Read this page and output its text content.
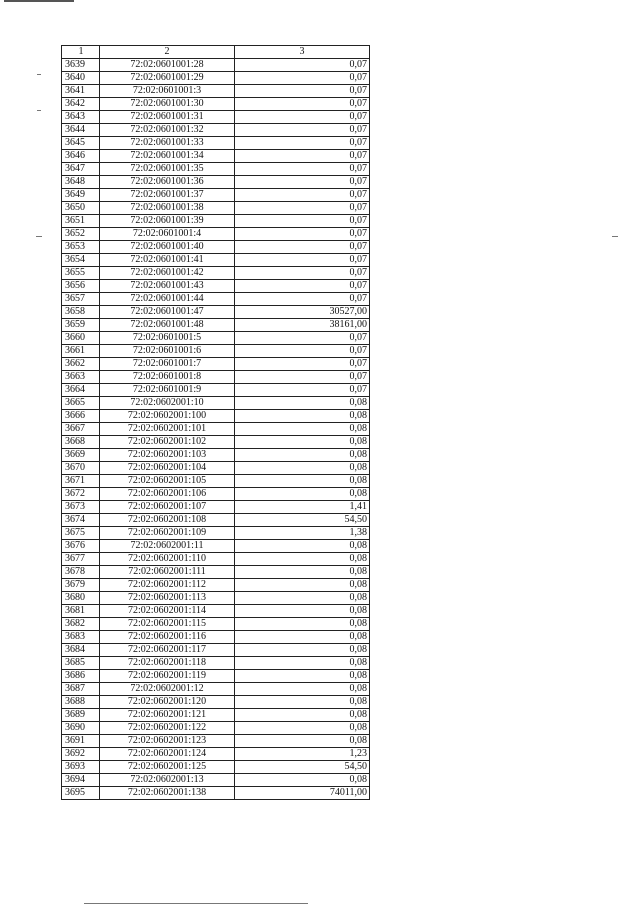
1	2	3
3639	72:02:0601001:28	0,07
3640	72:02:0601001:29	0,07
3641	72:02:0601001:3	0,07
3642	72:02:0601001:30	0,07
3643	72:02:0601001:31	0,07
3644	72:02:0601001:32	0,07
3645	72:02:0601001:33	0,07
3646	72:02:0601001:34	0,07
3647	72:02:0601001:35	0,07
3648	72:02:0601001:36	0,07
3649	72:02:0601001:37	0,07
3650	72:02:0601001:38	0,07
3651	72:02:0601001:39	0,07
3652	72:02:0601001:4	0,07
3653	72:02:0601001:40	0,07
3654	72:02:0601001:41	0,07
3655	72:02:0601001:42	0,07
3656	72:02:0601001:43	0,07
3657	72:02:0601001:44	0,07
3658	72:02:0601001:47	30527,00
3659	72:02:0601001:48	38161,00
3660	72:02:0601001:5	0,07
3661	72:02:0601001:6	0,07
3662	72:02:0601001:7	0,07
3663	72:02:0601001:8	0,07
3664	72:02:0601001:9	0,07
3665	72:02:0602001:10	0,08
3666	72:02:0602001:100	0,08
3667	72:02:0602001:101	0,08
3668	72:02:0602001:102	0,08
3669	72:02:0602001:103	0,08
3670	72:02:0602001:104	0,08
3671	72:02:0602001:105	0,08
3672	72:02:0602001:106	0,08
3673	72:02:0602001:107	1,41
3674	72:02:0602001:108	54,50
3675	72:02:0602001:109	1,38
3676	72:02:0602001:11	0,08
3677	72:02:0602001:110	0,08
3678	72:02:0602001:111	0,08
3679	72:02:0602001:112	0,08
3680	72:02:0602001:113	0,08
3681	72:02:0602001:114	0,08
3682	72:02:0602001:115	0,08
3683	72:02:0602001:116	0,08
3684	72:02:0602001:117	0,08
3685	72:02:0602001:118	0,08
3686	72:02:0602001:119	0,08
3687	72:02:0602001:12	0,08
3688	72:02:0602001:120	0,08
3689	72:02:0602001:121	0,08
3690	72:02:0602001:122	0,08
3691	72:02:0602001:123	0,08
3692	72:02:0602001:124	1,23
3693	72:02:0602001:125	54,50
3694	72:02:0602001:13	0,08
3695	72:02:0602001:138	74011,00
